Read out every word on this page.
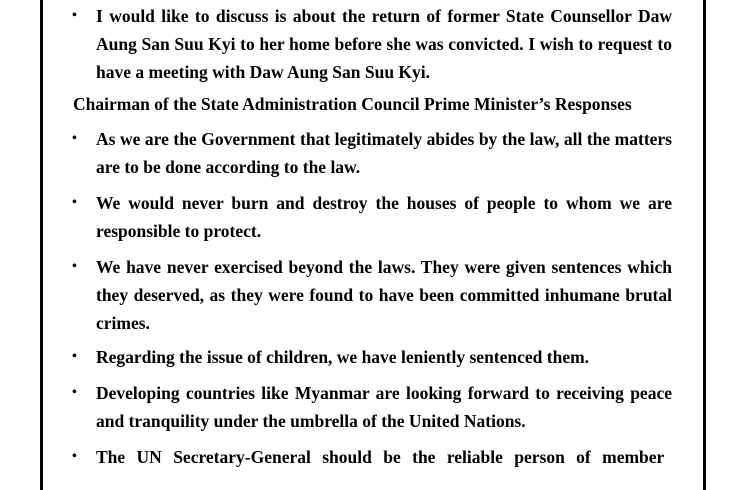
•	I would like to discuss is about the return of former State Counsellor Daw Aung San Suu Kyi to her home before she was convicted. I wish to request to have a meeting with Daw Aung San Suu Kyi.
Chairman of the State Administration Council Prime Minister’s Responses
•	As we are the Government that legitimately abides by the law, all the matters are to be done according to the law.
•	We would never burn and destroy the houses of people to whom we are responsible to protect.
•	We have never exercised beyond the laws. They were given sentences which they deserved, as they were found to have been committed inhumane brutal crimes.
•	Regarding the issue of children, we have leniently sentenced them.
•	Developing countries like Myanmar are looking forward to receiving peace and tranquility under the umbrella of the United Nations.
•	The UN Secretary-General should be the reliable person of member
